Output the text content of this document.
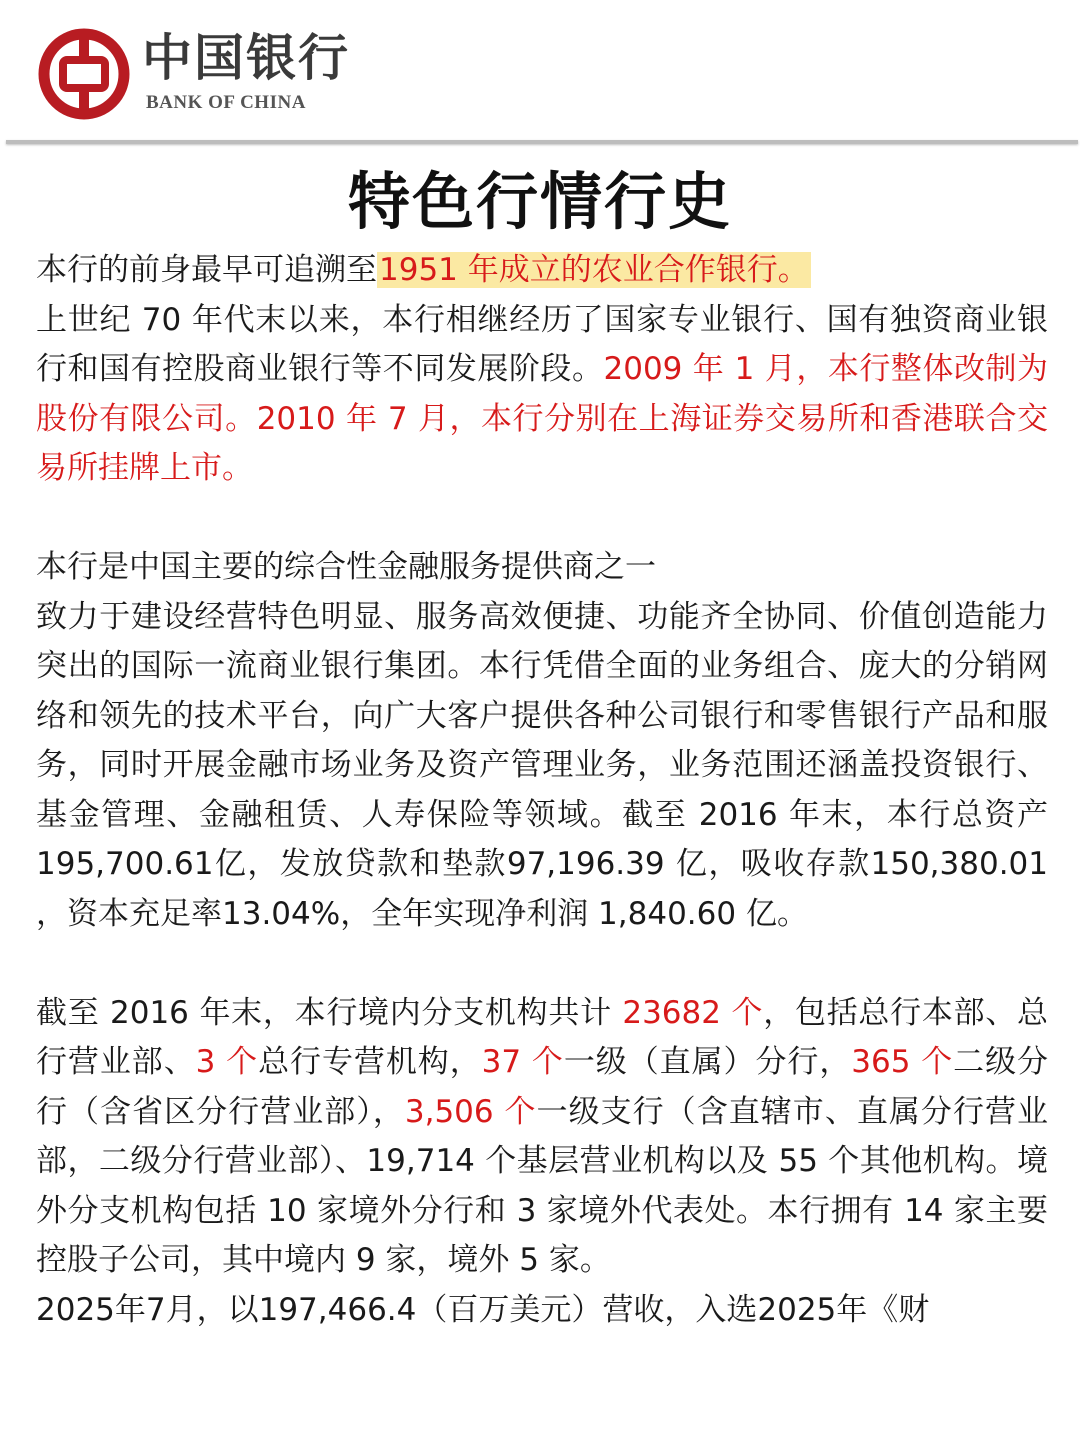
中国银行
BANK OF CHINA
特色行情行史

本行的前身最早可追溯至1951 年成立的农业合作银行。

上世纪 70 年代末以来，本行相继经历了国家专业银行、国有独资商业银行和国有控股商业银行等不同发展阶段。2009 年 1 月，本行整体改制为股份有限公司。2010 年 7 月，本行分别在上海证券交易所和香港联合交易所挂牌上市。

本行是中国主要的综合性金融服务提供商之一

致力于建设经营特色明显、服务高效便捷、功能齐全协同、价值创造能力突出的国际一流商业银行集团。本行凭借全面的业务组合、庞大的分销网络和领先的技术平台，向广大客户提供各种公司银行和零售银行产品和服务，同时开展金融市场业务及资产管理业务，业务范围还涵盖投资银行、基金管理、金融租赁、人寿保险等领域。截至 2016 年末，本行总资产 195,700.61亿，发放贷款和垫款97,196.39 亿，吸收存款150,380.01 ，资本充足率13.04%，全年实现净利润 1,840.60 亿。

截至 2016 年末，本行境内分支机构共计 23682 个，包括总行本部、总行营业部、3 个总行专营机构，37 个一级（直属）分行，365 个二级分行（含省区分行营业部），3,506 个一级支行（含直辖市、直属分行营业部，二级分行营业部）、19,714 个基层营业机构以及 55 个其他机构。境外分支机构包括 10 家境外分行和 3 家境外代表处。本行拥有 14 家主要控股子公司，其中境内 9 家，境外 5 家。

2025年7月，以197,466.4（百万美元）营收，入选2025年《财
